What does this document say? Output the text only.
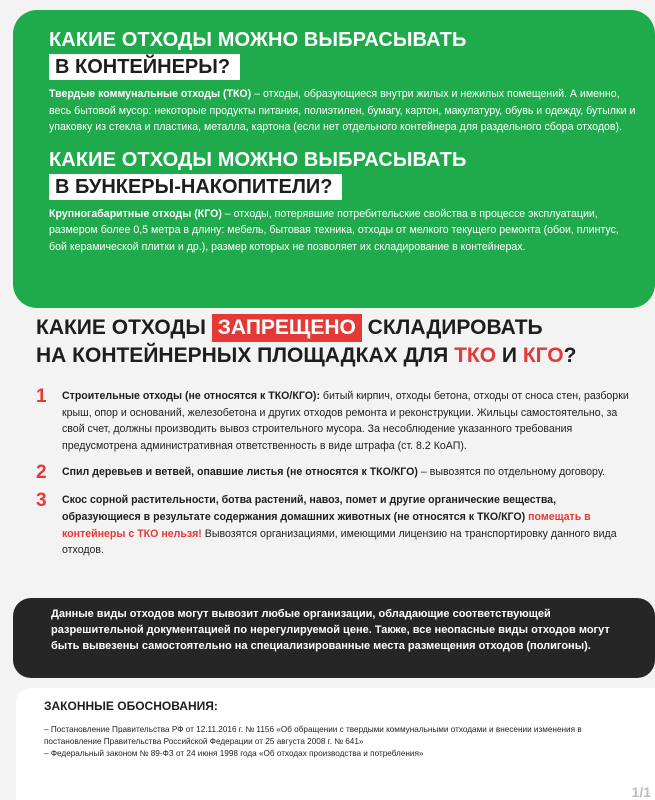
КАКИЕ ОТХОДЫ МОЖНО ВЫБРАСЫВАТЬ
В КОНТЕЙНЕРЫ?

Твердые коммунальные отходы (ТКО) – отходы, образующиеся внутри жилых и нежилых помещений. А именно, весь бытовой мусор: некоторые продукты питания, полиэтилен, бумагу, картон, макулатуру, обувь и одежду, бутылки и упаковку из стекла и пластика, металла, картона (если нет отдельного контейнера для раздельного сбора отходов).

КАКИЕ ОТХОДЫ МОЖНО ВЫБРАСЫВАТЬ
В БУНКЕРЫ-НАКОПИТЕЛИ?

Крупногабаритные отходы (КГО) – отходы, потерявшие потребительские свойства в процессе эксплуатации, размером более 0,5 метра в длину: мебель, бытовая техника, отходы от мелкого текущего ремонта (обои, плинтус, бой керамической плитки и др.), размер которых не позволяет их складирование в контейнерах.

КАКИЕ ОТХОДЫ ЗАПРЕЩЕНО СКЛАДИРОВАТЬ
НА КОНТЕЙНЕРНЫХ ПЛОЩАДКАХ ДЛЯ ТКО И КГО?
1	Строительные отходы (не относятся к ТКО/КГО): битый кирпич, отходы бетона, отходы от сноса стен, разборки крыш, опор и оснований, железобетона и других отходов ремонта и реконструкции. Жильцы самостоятельно, за свой счет, должны производить вывоз строительного мусора. За несоблюдение указанного требования предусмотрена административная ответственность в виде штрафа (ст. 8.2 КоАП).
2	Спил деревьев и ветвей, опавшие листья (не относятся к ТКО/КГО) – вывозятся по отдельному договору.
3	Скос сорной растительности, ботва растений, навоз, помет и другие органические вещества, образующиеся в результате содержания домашних животных (не относятся к ТКО/КГО) помещать в контейнеры с ТКО нельзя! Вывозятся организациями, имеющими лицензию на транспортировку данного вида отходов.

Данные виды отходов могут вывозит любые организации, обладающие соответствующей разрешительной документацией по нерегулируемой цене. Также, все неопасные виды отходов могут быть вывезены самостоятельно на специализированные места размещения отходов (полигоны).

ЗАКОННЫЕ ОБОСНОВАНИЯ:

– Постановление Правительства РФ от 12.11.2016 г. № 1156 «Об обращении с твердыми коммунальными отходами и внесении изменения в постановление Правительства Российской Федерации от 25 августа 2008 г. № 641»

– Федеральный законом № 89-ФЗ от 24 июня 1998 года «Об отходах производства и потребления»

1/1
